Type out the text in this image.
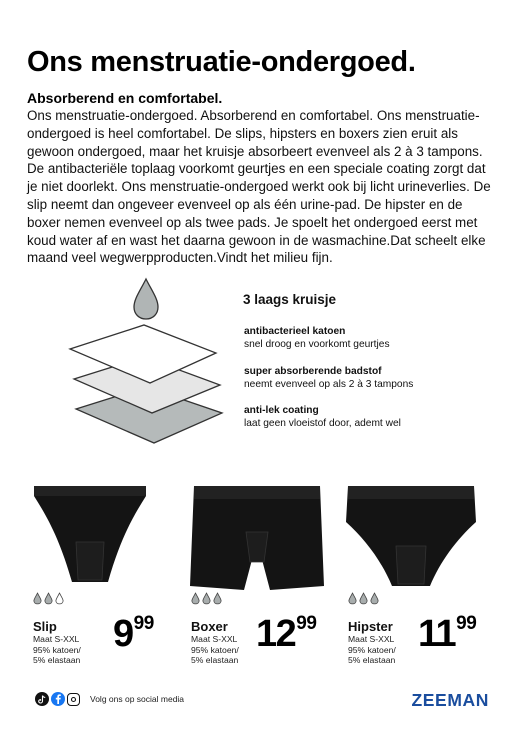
Ons menstruatie-ondergoed.
Absorberend en comfortabel.

Ons menstruatie-ondergoed. Absorberend en comfortabel. Ons menstruatie-ondergoed is heel comfortabel. De slips, hipsters en boxers zien eruit als gewoon ondergoed, maar het kruisje absorbeert evenveel als 2 à 3 tampons. De antibacteriële toplaag voorkomt geurtjes en een speciale coating zorgt dat je niet doorlekt. Ons menstruatie-ondergoed werkt ook bij licht urineverlies. De slip neemt dan ongeveer evenveel op als één urine-pad. De hipster en de boxer nemen evenveel op als twee pads. Je spoelt het ondergoed eerst met koud water af en wast het daarna gewoon in de wasmachine.Dat scheelt elke maand veel wegwerpproducten.Vindt het milieu fijn.

3 laags kruisje
antibacterieel katoen
snel droog en voorkomt geurtjes
super absorberende badstof
neemt evenveel op als 2 à 3 tampons
anti-lek coating
laat geen vloeistof door, ademt wel
Slip
Maat S-XXL
95% katoen/
5% elastaan
999	Boxer
Maat S-XXL
95% katoen/
5% elastaan
1299 Hipster
Maat S-XXL
95% katoen/
5% elastaan
1199
Volg ons op social media	ZEEMAN
